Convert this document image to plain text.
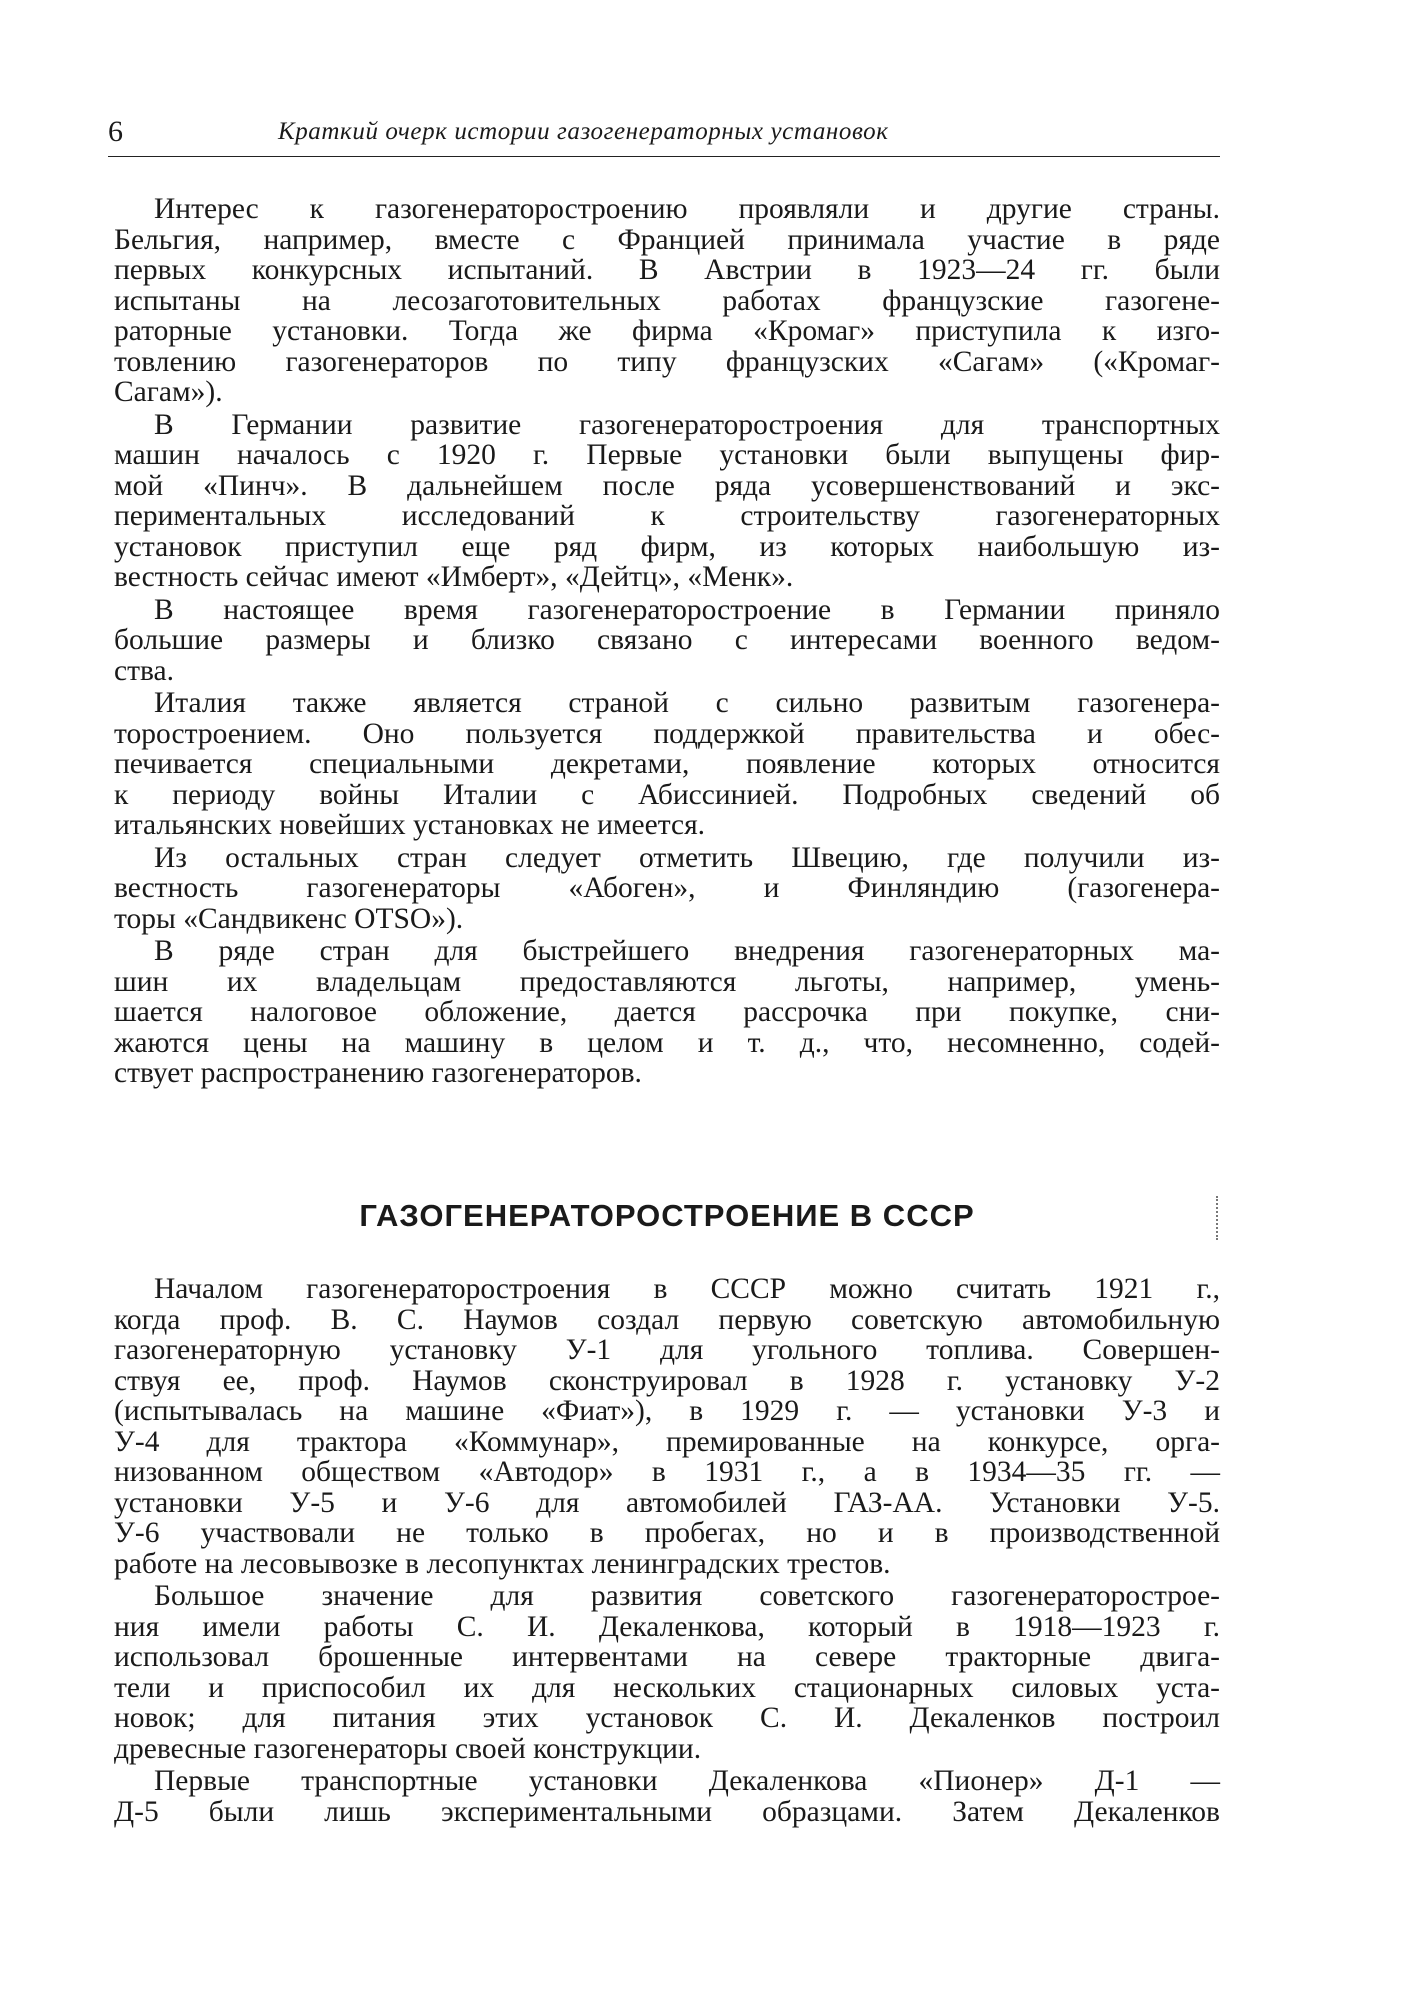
6	Краткий очерк истории газогенераторных установок
Интерес к газогенераторостроению проявляли и другие страны.
Бельгия, например, вместе с Францией принимала участие в ряде
первых конкурсных испытаний. В Австрии в 1923—24 гг. были
испытаны на лесозаготовительных работах французские газогене-
раторные установки. Тогда же фирма «Кромаг» приступила к изго-
товлению газогенераторов по типу французских «Сагам» («Кромаг-
Сагам»).
В Германии развитие газогенераторостроения для транспортных
машин началось с 1920 г. Первые установки были выпущены фир-
мой «Пинч». В дальнейшем после ряда усовершенствований и экс-
периментальных исследований к строительству газогенераторных
установок приступил еще ряд фирм, из которых наибольшую из-
вестность сейчас имеют «Имберт», «Дейтц», «Менк».
В настоящее время газогенераторостроение в Германии приняло
большие размеры и близко связано с интересами военного ведом-
ства.
Италия также является страной с сильно развитым газогенера-
торостроением. Оно пользуется поддержкой правительства и обес-
печивается специальными декретами, появление которых относится
к периоду войны Италии с Абиссинией. Подробных сведений об
итальянских новейших установках не имеется.
Из остальных стран следует отметить Швецию, где получили из-
вестность газогенераторы «Абоген», и Финляндию (газогенера-
торы «Сандвикенс OTSO»).
В ряде стран для быстрейшего внедрения газогенераторных ма-
шин их владельцам предоставляются льготы, например, умень-
шается налоговое обложение, дается рассрочка при покупке, сни-
жаются цены на машину в целом и т. д., что, несомненно, содей-
ствует распространению газогенераторов.
ГАЗОГЕНЕРАТОРОСТРОЕНИЕ В СССР
Началом газогенераторостроения в СССР можно считать 1921 г.,
когда проф. В. С. Наумов создал первую советскую автомобильную
газогенераторную установку У-1 для угольного топлива. Совершен-
ствуя ее, проф. Наумов сконструировал в 1928 г. установку У-2
(испытывалась на машине «Фиат»), в 1929 г. — установки У-3 и
У-4 для трактора «Коммунар», премированные на конкурсе, орга-
низованном обществом «Автодор» в 1931 г., а в 1934—35 гг. —
установки У-5 и У-6 для автомобилей ГАЗ-АА. Установки У-5.
У-6 участвовали не только в пробегах, но и в производственной
работе на лесовывозке в лесопунктах ленинградских трестов.
Большое значение для развития советского газогенераторострое-
ния имели работы С. И. Декаленкова, который в 1918—1923 г.
использовал брошенные интервентами на севере тракторные двига-
тели и приспособил их для нескольких стационарных силовых уста-
новок; для питания этих установок С. И. Декаленков построил
древесные газогенераторы своей конструкции.
Первые транспортные установки Декаленкова «Пионер» Д-1 —
Д-5 были лишь экспериментальными образцами. Затем Декаленков
